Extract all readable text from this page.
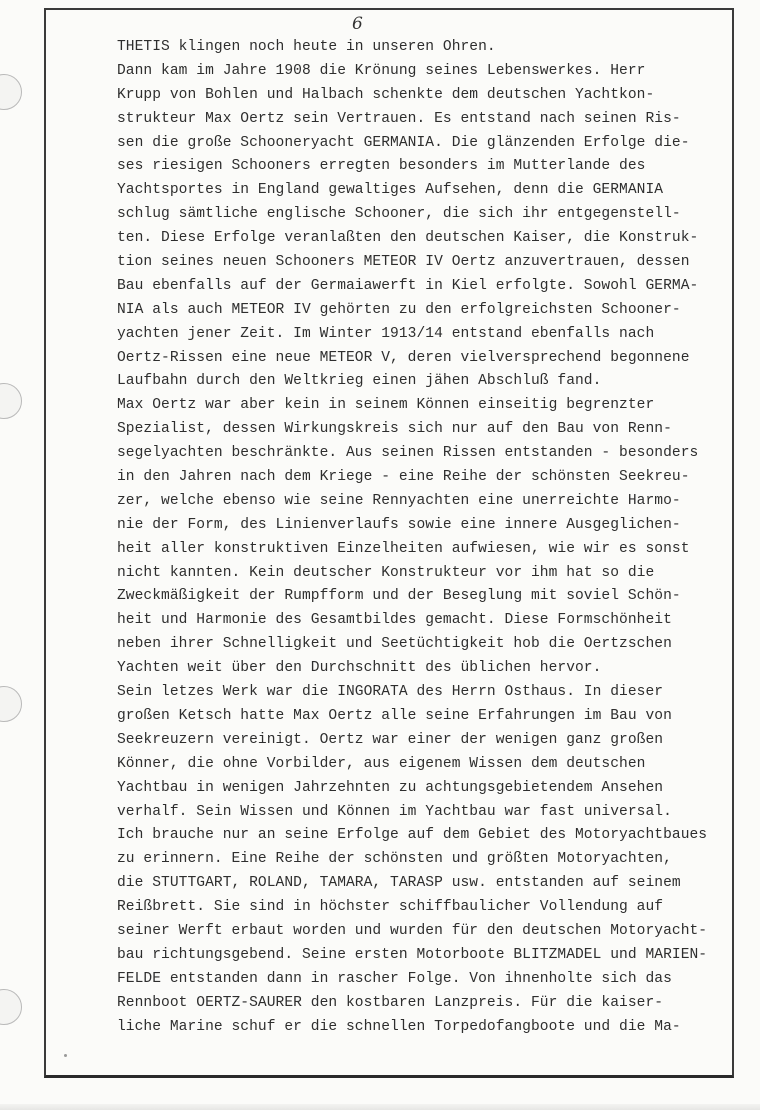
6
THETIS klingen noch heute in unseren Ohren.
Dann kam im Jahre 1908 die Krönung seines Lebenswerkes. Herr
Krupp von Bohlen und Halbach schenkte dem deutschen Yachtkon-
strukteur Max Oertz sein Vertrauen. Es entstand nach seinen Ris-
sen die große Schooneryacht GERMANIA. Die glänzenden Erfolge die-
ses riesigen Schooners erregten besonders im Mutterlande des
Yachtsportes in England gewaltiges Aufsehen, denn die GERMANIA
schlug sämtliche englische Schooner, die sich ihr entgegenstell-
ten. Diese Erfolge veranlaßten den deutschen Kaiser, die Konstruk-
tion seines neuen Schooners METEOR IV Oertz anzuvertrauen, dessen
Bau ebenfalls auf der Germaiawerft in Kiel erfolgte. Sowohl GERMA-
NIA als auch METEOR IV gehörten zu den erfolgreichsten Schooner-
yachten jener Zeit. Im Winter 1913/14 entstand ebenfalls nach
Oertz-Rissen eine neue METEOR V, deren vielversprechend begonnene
Laufbahn durch den Weltkrieg einen jähen Abschluß fand.
Max Oertz war aber kein in seinem Können einseitig begrenzter
Spezialist, dessen Wirkungskreis sich nur auf den Bau von Renn-
segelyachten beschränkte. Aus seinen Rissen entstanden - besonders
in den Jahren nach dem Kriege - eine Reihe der schönsten Seekreu-
zer, welche ebenso wie seine Rennyachten eine unerreichte Harmo-
nie der Form, des Linienverlaufs sowie eine innere Ausgeglichen-
heit aller konstruktiven Einzelheiten aufwiesen, wie wir es sonst
nicht kannten. Kein deutscher Konstrukteur vor ihm hat so die
Zweckmäßigkeit der Rumpfform und der Beseglung mit soviel Schön-
heit und Harmonie des Gesamtbildes gemacht. Diese Formschönheit
neben ihrer Schnelligkeit und Seetüchtigkeit hob die Oertzschen
Yachten weit über den Durchschnitt des üblichen hervor.
Sein letzes Werk war die INGORATA des Herrn Osthaus. In dieser
großen Ketsch hatte Max Oertz alle seine Erfahrungen im Bau von
Seekreuzern vereinigt. Oertz war einer der wenigen ganz großen
Könner, die ohne Vorbilder, aus eigenem Wissen dem deutschen
Yachtbau in wenigen Jahrzehnten zu achtungsgebietendem Ansehen
verhalf. Sein Wissen und Können im Yachtbau war fast universal.
Ich brauche nur an seine Erfolge auf dem Gebiet des Motoryachtbaues
zu erinnern. Eine Reihe der schönsten und größten Motoryachten,
die STUTTGART, ROLAND, TAMARA, TARASP usw. entstanden auf seinem
Reißbrett. Sie sind in höchster schiffbaulicher Vollendung auf
seiner Werft erbaut worden und wurden für den deutschen Motoryacht-
bau richtungsgebend. Seine ersten Motorboote BLITZMADEL und MARIEN-
FELDE entstanden dann in rascher Folge. Von ihnenholte sich das
Rennboot OERTZ-SAURER den kostbaren Lanzpreis. Für die kaiser-
liche Marine schuf er die schnellen Torpedofangboote und die Ma-
